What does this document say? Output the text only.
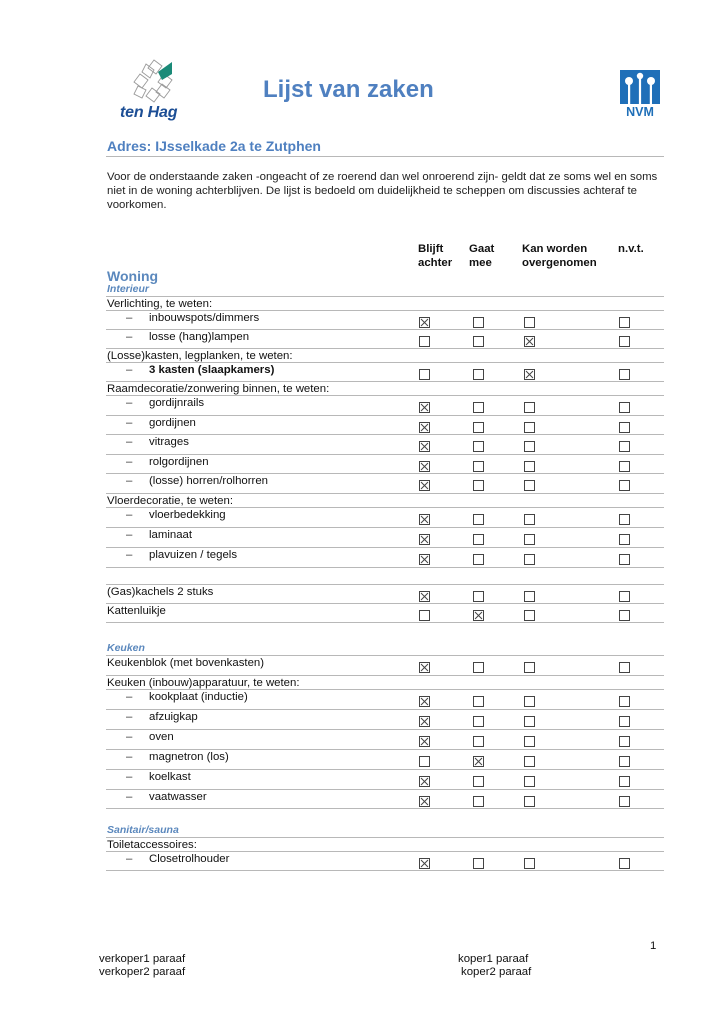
ten Hag
Lijst van zaken
NVM
Adres: IJsselkade 2a te Zutphen
Voor de onderstaande zaken -ongeacht of ze roerend dan wel onroerend zijn- geldt dat ze soms wel en soms niet in de woning achterblijven. De lijst is bedoeld om duidelijkheid te scheppen om discussies achteraf te voorkomen.
Blijft
achter
Gaat
mee
Kan worden
overgenomen
n.v.t.
Woning
Interieur
Keuken
Sanitair/sauna
Verlichting, te weten:
– inbouwspots/dimmers
– losse (hang)lampen
(Losse)kasten, legplanken, te weten:
– 3 kasten (slaapkamers)
Raamdecoratie/zonwering binnen, te weten:
– gordijnrails
– gordijnen
– vitrages
– rolgordijnen
– (losse) horren/rolhorren
Vloerdecoratie, te weten:
– vloerbedekking
– laminaat
– plavuizen / tegels
(Gas)kachels 2 stuks
Kattenluikje
Keukenblok (met bovenkasten)
Keuken (inbouw)apparatuur, te weten:
– kookplaat (inductie)
– afzuigkap
– oven
– magnetron (los)
– koelkast
– vaatwasser
Toiletaccessoires:
– Closetrolhouder
1
verkoper1 paraaf
verkoper2 paraaf
koper1 paraaf
koper2 paraaf
